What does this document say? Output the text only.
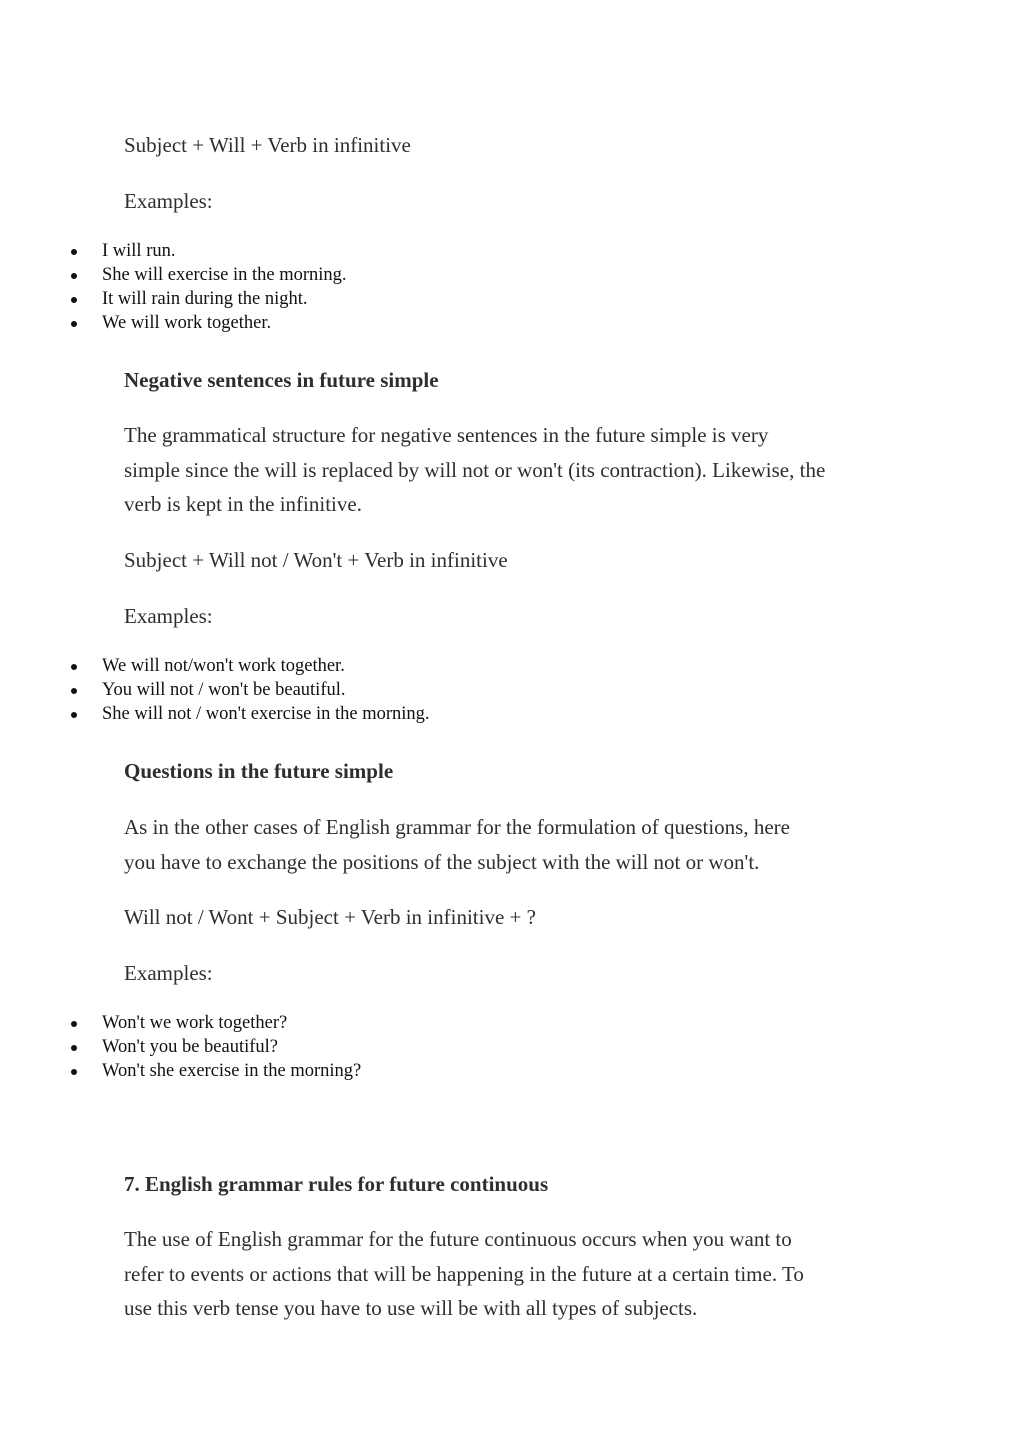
Subject + Will + Verb in infinitive

Examples:

I will run.
She will exercise in the morning.
It will rain during the night.
We will work together.
Negative sentences in future simple
The grammatical structure for negative sentences in the future simple is very
simple since the will is replaced by will not or won't (its contraction). Likewise, the
verb is kept in the infinitive.

Subject + Will not / Won't + Verb in infinitive

Examples:

We will not/won't work together.
You will not / won't be beautiful.
She will not / won't exercise in the morning.
Questions in the future simple
As in the other cases of English grammar for the formulation of questions, here
you have to exchange the positions of the subject with the will not or won't.

Will not / Wont + Subject + Verb in infinitive + ?

Examples:

Won't we work together?
Won't you be beautiful?
Won't she exercise in the morning?
7. English grammar rules for future continuous
The use of English grammar for the future continuous occurs when you want to
refer to events or actions that will be happening in the future at a certain time. To
use this verb tense you have to use will be with all types of subjects.
